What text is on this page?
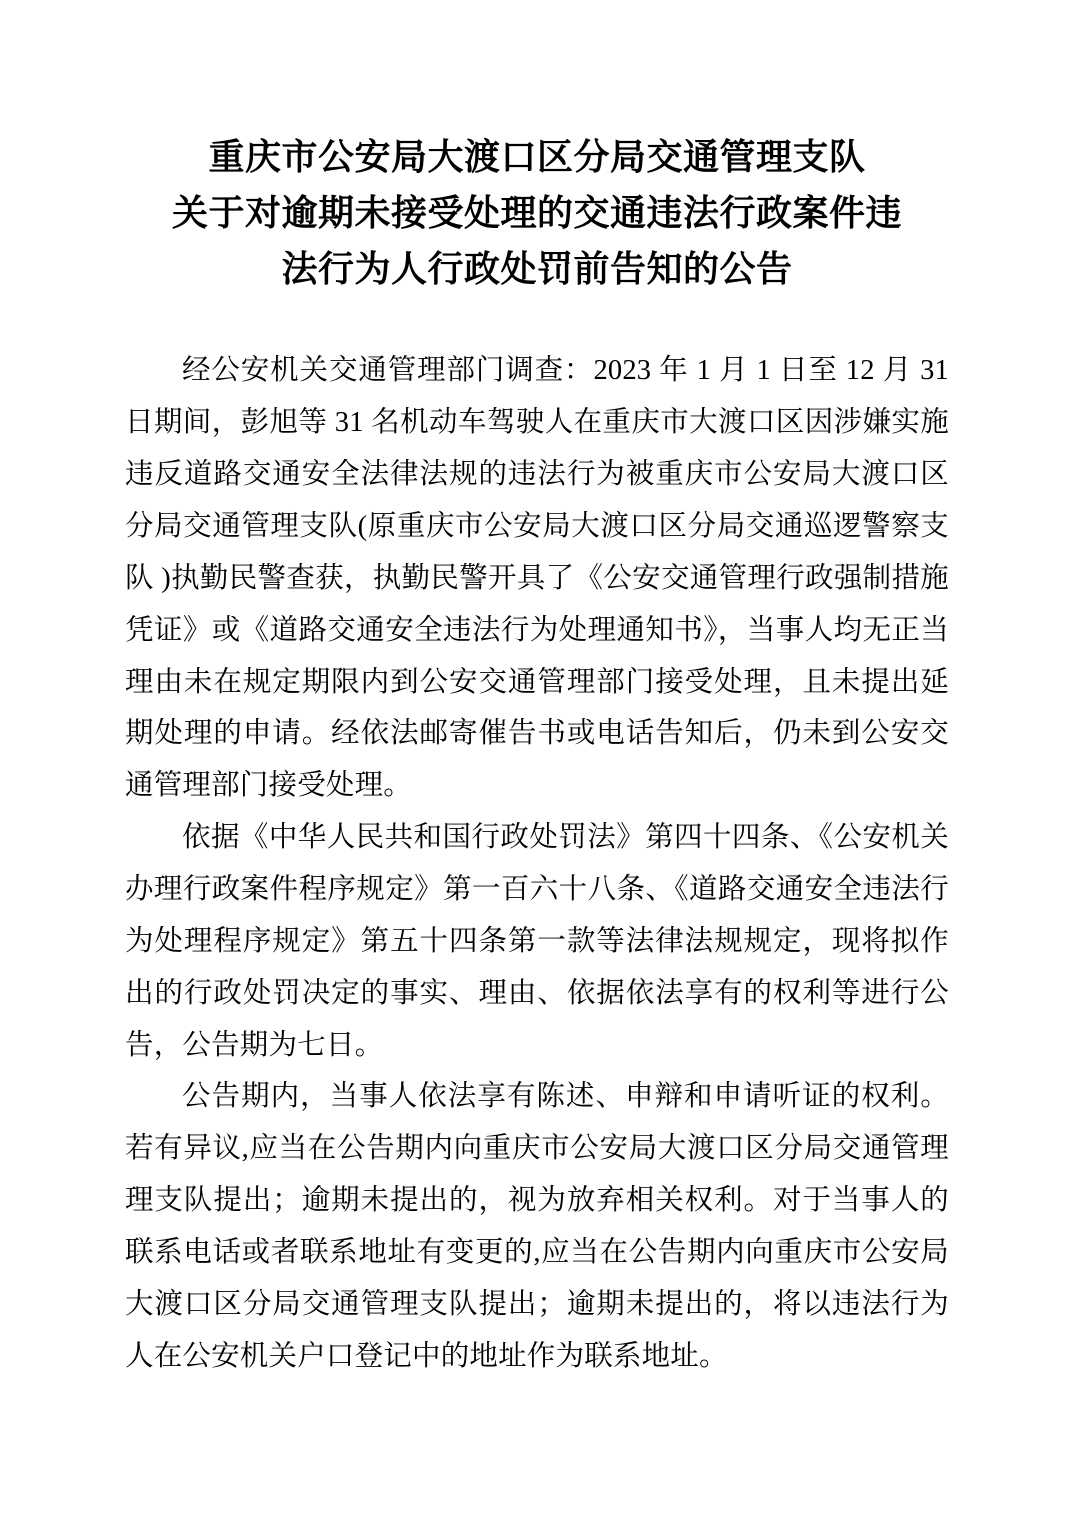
重庆市公安局大渡口区分局交通管理支队
关于对逾期未接受处理的交通违法行政案件违
法行为人行政处罚前告知的公告

经公安机关交通管理部门调查：2023 年 1 月 1 日至 12 月 31 日期间，彭旭等 31 名机动车驾驶人在重庆市大渡口区因涉嫌实施违反道路交通安全法律法规的违法行为被重庆市公安局大渡口区分局交通管理支队(原重庆市公安局大渡口区分局交通巡逻警察支队 )执勤民警查获，执勤民警开具了《公安交通管理行政强制措施凭证》或《道路交通安全违法行为处理通知书》，当事人均无正当理由未在规定期限内到公安交通管理部门接受处理，且未提出延期处理的申请。经依法邮寄催告书或电话告知后，仍未到公安交通管理部门接受处理。

依据《中华人民共和国行政处罚法》第四十四条、《公安机关办理行政案件程序规定》第一百六十八条、《道路交通安全违法行为处理程序规定》第五十四条第一款等法律法规规定，现将拟作出的行政处罚决定的事实、理由、依据依法享有的权利等进行公告，公告期为七日。

公告期内，当事人依法享有陈述、申辩和申请听证的权利。若有异议,应当在公告期内向重庆市公安局大渡口区分局交通管理理支队提出；逾期未提出的，视为放弃相关权利。对于当事人的联系电话或者联系地址有变更的,应当在公告期内向重庆市公安局大渡口区分局交通管理支队提出；逾期未提出的，将以违法行为人在公安机关户口登记中的地址作为联系地址。
